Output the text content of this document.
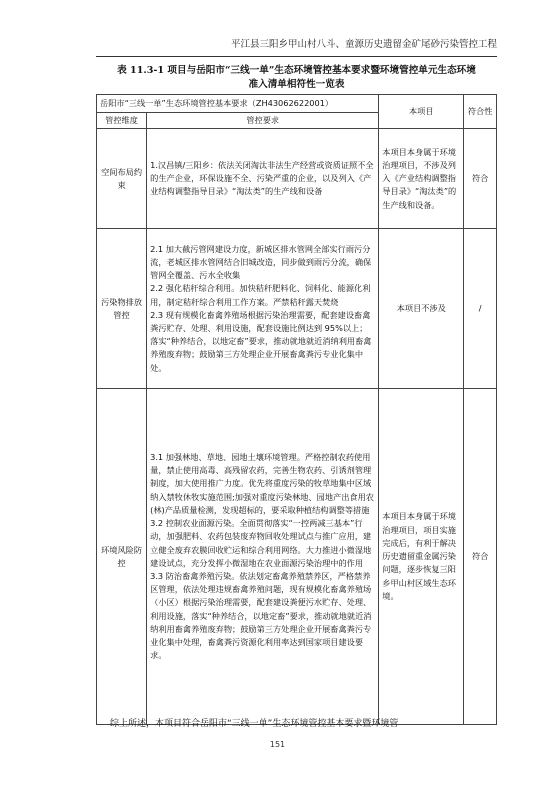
平江县三阳乡甲山村八斗、童源历史遗留金矿尾砂污染管控工程
表 11.3-1 项目与岳阳市“三线一单”生态环境管控基本要求暨环境管控单元生态环境
准入清单相符性一览表
岳阳市“三线一单”生态环境管控基本要求（ZH43062622001）		本项目	符合性
管控维度	管控要求		
空间布局约束	1.汉昌镇/三阳乡：依法关闭淘汰非法生产经营或资质证照不全的生产企业，环保设施不全、污染严重的企业，以及列入《产业结构调整指导目录》“淘汰类”的生产线和设备	本项目本身属于环境治理项目，不涉及列入《产业结构调整指导目录》“淘汰类”的生产线和设备。	符合
污染物排放管控	2.1 加大截污管网建设力度，新城区排水管网全部实行雨污分流，老城区排水管网结合旧城改造，同步做到雨污分流，确保管网全覆盖、污水全收集

2.2 强化秸秆综合利用。加快秸秆肥料化、饲料化、能源化利用，制定秸秆综合利用工作方案。严禁秸秆露天焚烧

2.3 现有规模化畜禽养殖场根据污染治理需要，配套建设畜禽粪污贮存、处理、利用设施，配套设施比例达到 95%以上；落实“种养结合，以地定畜”要求，推动就地就近消纳利用畜禽养殖废弃物；鼓励第三方处理企业开展畜禽粪污专业化集中处。	本项目不涉及	/
环境风险防控	3.1 加强林地、草地、园地土壤环境管理。严格控制农药使用量，禁止使用高毒、高残留农药，完善生物农药、引诱剂管理制度，加大使用推广力度。优先将重度污染的牧草地集中区域纳入禁牧休牧实施范围;加强对重度污染林地、园地产出食用农(林)产品质量检测，发现超标的，要采取种植结构调整等措施

3.2 控制农业面源污染。全面贯彻落实“一控两减三基本”行动，加强肥料、农药包装废弃物回收处理试点与推广应用，建立健全废弃农膜回收贮运和综合利用网络。大力推进小微湿地建设试点，充分发挥小微湿地在农业面源污染治理中的作用

3.3 防治畜禽养殖污染。依法划定畜禽养殖禁养区，严格禁养区管理，依法处理违规畜禽养殖问题，现有规模化畜禽养殖场（小区）根据污染治理需要，配套建设粪便污水贮存、处理、利用设施，落实“种养结合，以地定畜”要求，推动就地就近消纳利用畜禽养殖废弃物；鼓励第三方处理企业开展畜禽粪污专业化集中处理，畜禽粪污资源化利用率达到国家项目建设要求。	本项目本身属于环境治理项目，项目实施完成后，有利于解决历史遗留重金属污染问题，逐步恢复三阳乡甲山村区域生态环境。	符合
综上所述，本项目符合岳阳市“三线一单”生态环境管控基本要求暨环境管
151
